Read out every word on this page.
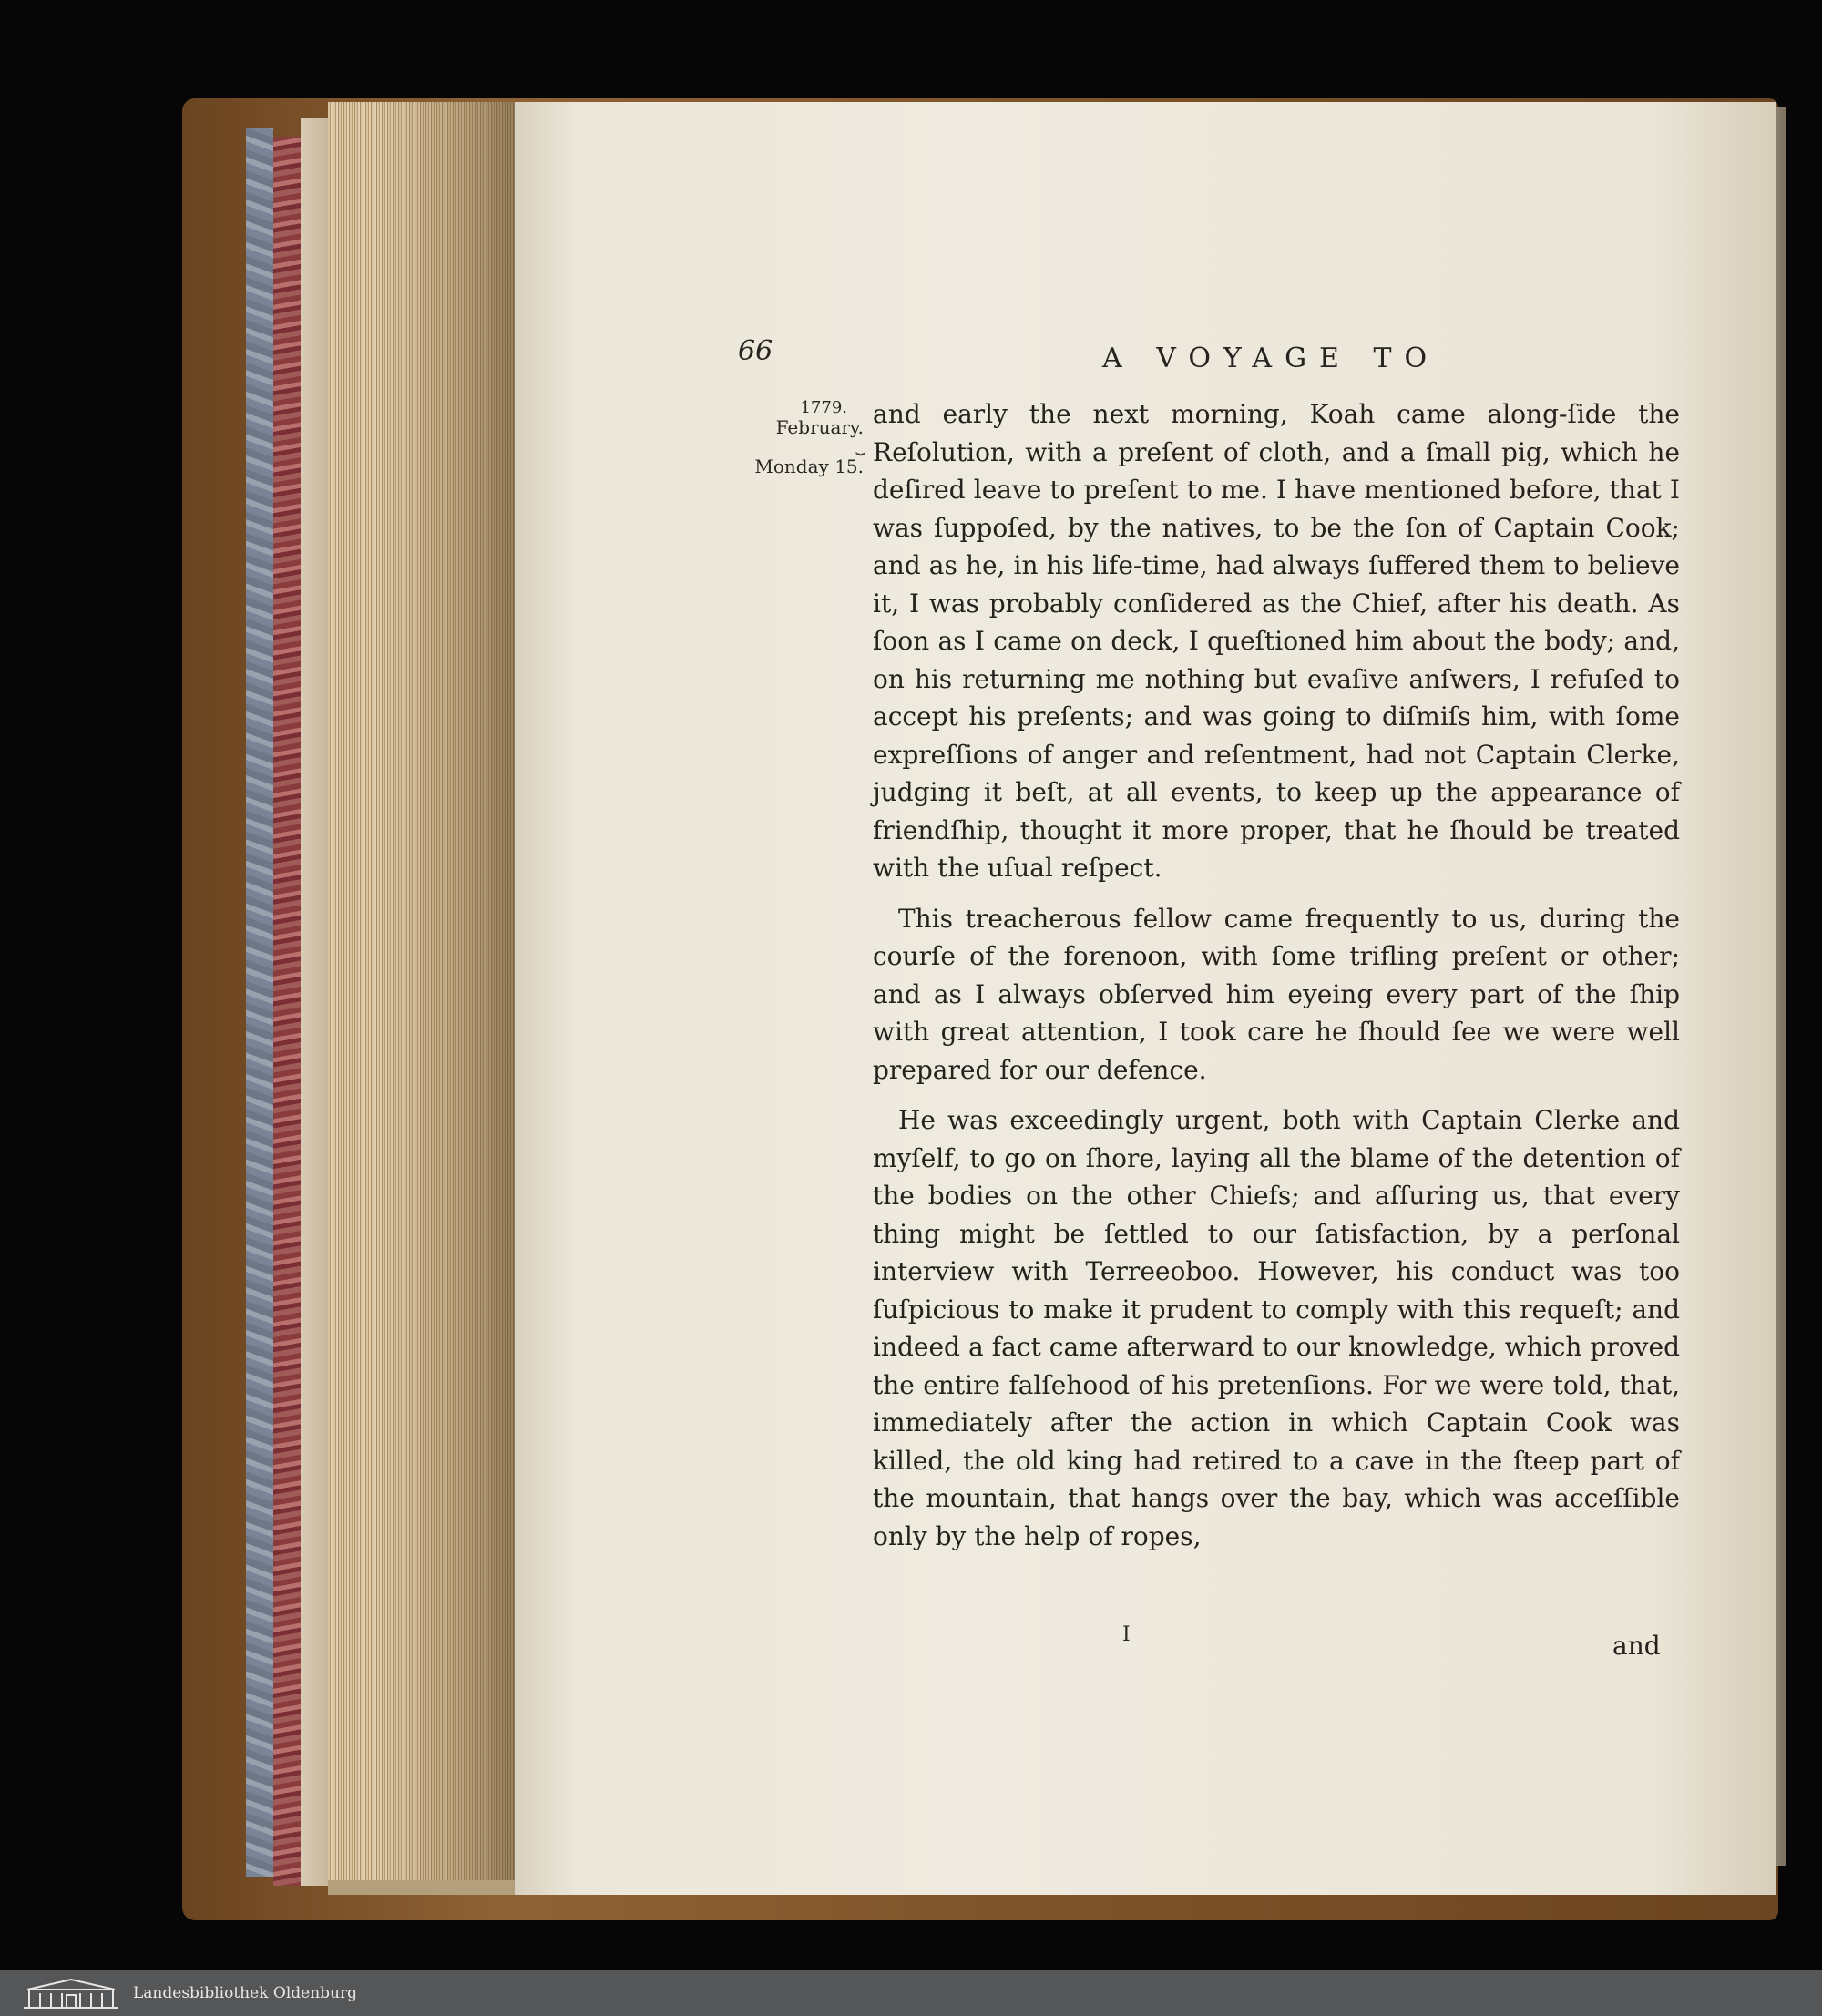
66	A VOYAGE TO
1779.
February.
⏟
Monday 15.

and early the next morning, Koah came along-ſide the Reſolution, with a preſent of cloth, and a ſmall pig, which he deſired leave to preſent to me. I have mentioned before, that I was ſuppoſed, by the natives, to be the ſon of Captain Cook; and as he, in his life-time, had always ſuffered them to believe it, I was probably conſidered as the Chief, after his death. As ſoon as I came on deck, I queſtioned him about the body; and, on his returning me nothing but evaſive anſwers, I refuſed to accept his preſents; and was going to diſmiſs him, with ſome expreſſions of anger and reſentment, had not Captain Clerke, judging it beſt, at all events, to keep up the appearance of friendſhip, thought it more proper, that he ſhould be treated with the uſual reſpect.

This treacherous fellow came frequently to us, during the courſe of the forenoon, with ſome trifling preſent or other; and as I always obſerved him eyeing every part of the ſhip with great attention, I took care he ſhould ſee we were well prepared for our defence.

He was exceedingly urgent, both with Captain Clerke and myſelf, to go on ſhore, laying all the blame of the detention of the bodies on the other Chiefs; and aſſuring us, that every thing might be ſettled to our ſatisfaction, by a perſonal interview with Terreeoboo. However, his conduct was too ſuſpicious to make it prudent to comply with this requeſt; and indeed a fact came afterward to our knowledge, which proved the entire falſehood of his pretenſions. For we were told, that, immediately after the action in which Captain Cook was killed, the old king had retired to a cave in the ſteep part of the mountain, that hangs over the bay, which was acceſſible only by the help of ropes,

I	and
Landesbibliothek Oldenburg
